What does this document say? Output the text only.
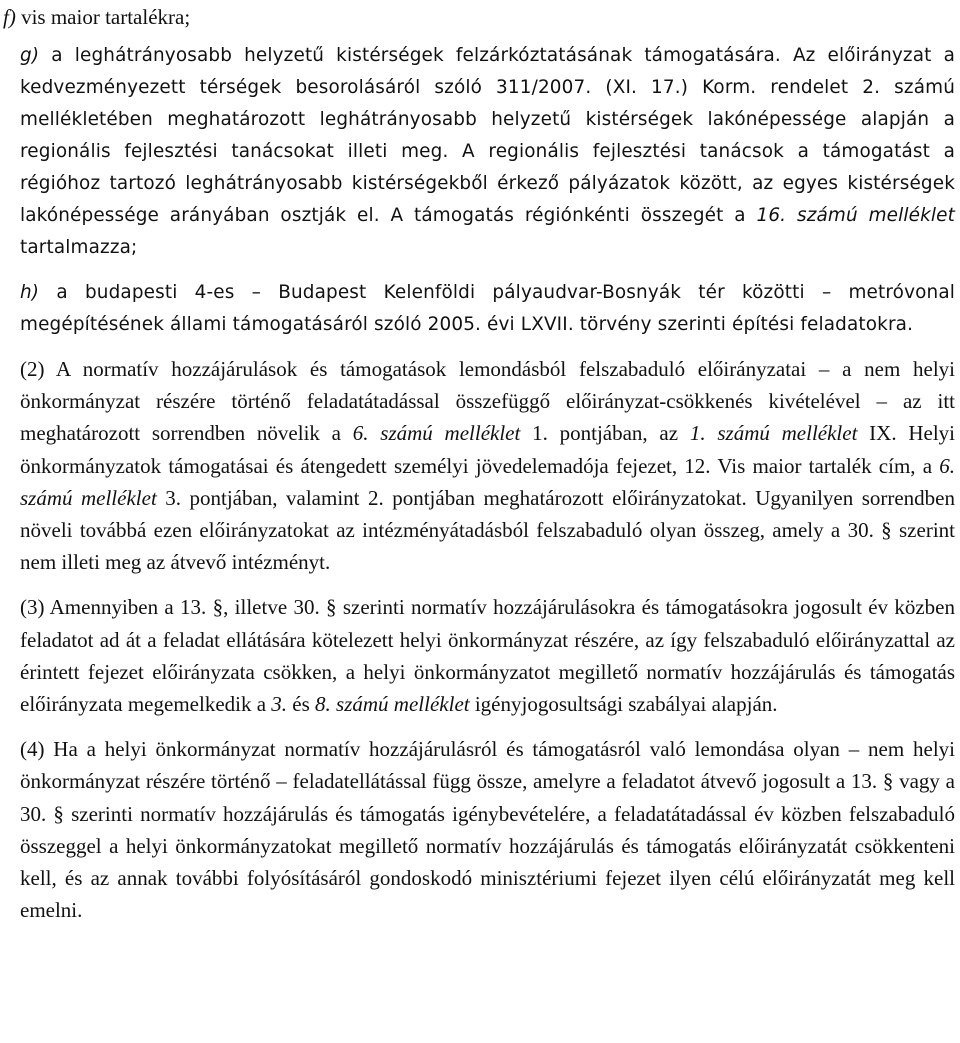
f) vis maior tartalékra;

g) a leghátrányosabb helyzetű kistérségek felzárkóztatásának támogatására. Az előirányzat a kedvezményezett térségek besorolásáról szóló 311/2007. (XI. 17.) Korm. rendelet 2. számú mellékletében meghatározott leghátrányosabb helyzetű kistérségek lakónépessége alapján a regionális fejlesztési tanácsokat illeti meg. A regionális fejlesztési tanácsok a támogatást a régióhoz tartozó leghátrányosabb kistérségekből érkező pályázatok között, az egyes kistérségek lakónépessége arányában osztják el. A támogatás régiónkénti összegét a 16. számú melléklet tartalmazza;

h) a budapesti 4-es – Budapest Kelenföldi pályaudvar-Bosnyák tér közötti – metróvonal megépítésének állami támogatásáról szóló 2005. évi LXVII. törvény szerinti építési feladatokra.

(2) A normatív hozzájárulások és támogatások lemondásból felszabaduló előirányzatai – a nem helyi önkormányzat részére történő feladatátadással összefüggő előirányzat-csökkenés kivételével – az itt meghatározott sorrendben növelik a 6. számú melléklet 1. pontjában, az 1. számú melléklet IX. Helyi önkormányzatok támogatásai és átengedett személyi jövedelemadója fejezet, 12. Vis maior tartalék cím, a 6. számú melléklet 3. pontjában, valamint 2. pontjában meghatározott előirányzatokat. Ugyanilyen sorrendben növeli továbbá ezen előirányzatokat az intézményátadásból felszabaduló olyan összeg, amely a 30. § szerint nem illeti meg az átvevő intézményt.

(3) Amennyiben a 13. §, illetve 30. § szerinti normatív hozzájárulásokra és támogatásokra jogosult év közben feladatot ad át a feladat ellátására kötelezett helyi önkormányzat részére, az így felszabaduló előirányzattal az érintett fejezet előirányzata csökken, a helyi önkormányzatot megillető normatív hozzájárulás és támogatás előirányzata megemelkedik a 3. és 8. számú melléklet igényjogosultsági szabályai alapján.

(4) Ha a helyi önkormányzat normatív hozzájárulásról és támogatásról való lemondása olyan – nem helyi önkormányzat részére történő – feladatellátással függ össze, amelyre a feladatot átvevő jogosult a 13. § vagy a 30. § szerinti normatív hozzájárulás és támogatás igénybevételére, a feladatátadással év közben felszabaduló összeggel a helyi önkormányzatokat megillető normatív hozzájárulás és támogatás előirányzatát csökkenteni kell, és az annak további folyósításáról gondoskodó minisztériumi fejezet ilyen célú előirányzatát meg kell emelni.
